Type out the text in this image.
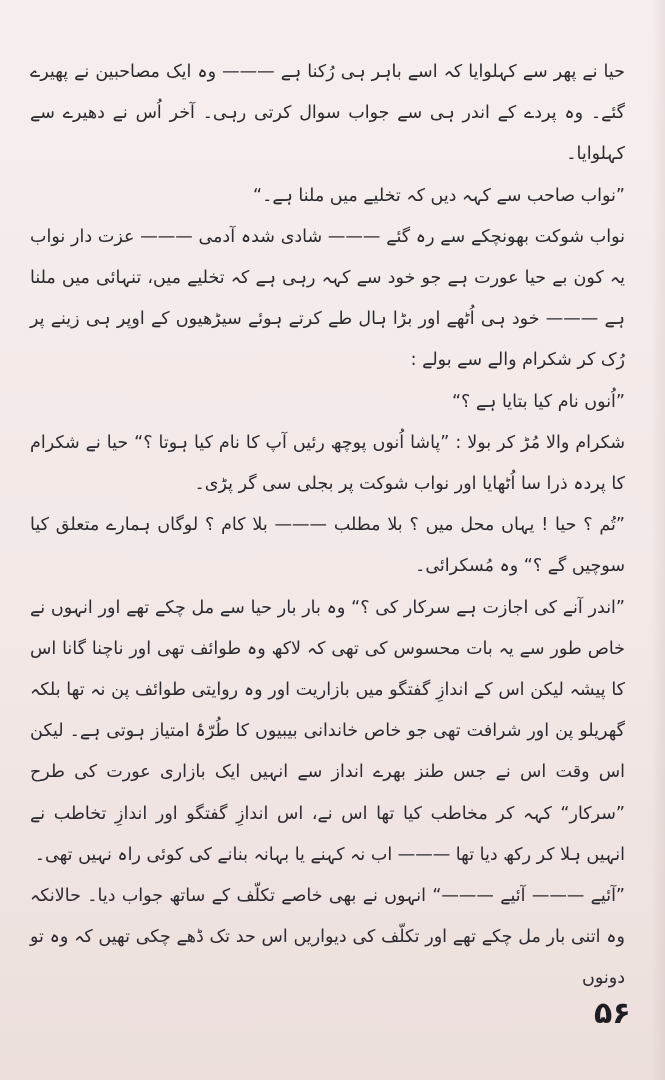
حیا نے پھر سے کہلوایا کہ اسے باہر ہی رُکنا ہے ——— وہ ایک مصاحبین نے پھیرے گئے۔ وہ پردے کے اندر ہی سے جواب سوال کرتی رہی۔ آخر اُس نے دھیرے سے کہلوایا۔

”نواب صاحب سے کہہ دیں کہ تخلیے میں ملنا ہے۔“

نواب شوکت بھونچکے سے رہ گئے ——— شادی شدہ آدمی ——— عزت دار نواب یہ کون بے حیا عورت ہے جو خود سے کہہ رہی ہے کہ تخلیے میں، تنہائی میں ملنا ہے ——— خود ہی اُٹھے اور بڑا ہال طے کرتے ہوئے سیڑھیوں کے اوپر ہی زینے پر رُک کر شکرام والے سے بولے :

”اُنوں نام کیا بتایا ہے ؟“

شکرام والا مُڑ کر بولا : ”پاشا اُنوں پوچھ رئیں آپ کا نام کیا ہوتا ؟“ حیا نے شکرام کا پردہ ذرا سا اُٹھایا اور نواب شوکت پر بجلی سی گر پڑی۔

”تُم ؟ حیا ! یہاں محل میں ؟ بلا مطلب ——— بلا کام ؟ لوگاں ہمارے متعلق کیا سوچیں گے ؟“ وہ مُسکرائی۔

”اندر آنے کی اجازت ہے سرکار کی ؟“ وہ بار بار حیا سے مل چکے تھے اور انہوں نے خاص طور سے یہ بات محسوس کی تھی کہ لاکھ وہ طوائف تھی اور ناچنا گانا اس کا پیشہ لیکن اس کے اندازِ گفتگو میں بازاریت اور وہ روایتی طوائف پن نہ تھا بلکہ گھریلو پن اور شرافت تھی جو خاص خاندانی بیبیوں کا طُرّۂ امتیاز ہوتی ہے۔ لیکن اس وقت اس نے جس طنز بھرے انداز سے انہیں ایک بازاری عورت کی طرح ”سرکار“ کہہ کر مخاطب کیا تھا اس نے، اس اندازِ گفتگو اور اندازِ تخاطب نے انہیں ہلا کر رکھ دیا تھا ——— اب نہ کہنے یا بہانہ بنانے کی کوئی راہ نہیں تھی۔

”آئیے ——— آئیے ———“ انہوں نے بھی خاصے تکلّف کے ساتھ جواب دیا۔ حالانکہ وہ اتنی بار مل چکے تھے اور تکلّف کی دیواریں اس حد تک ڈھے چکی تھیں کہ وہ تو دونوں

۵۶
